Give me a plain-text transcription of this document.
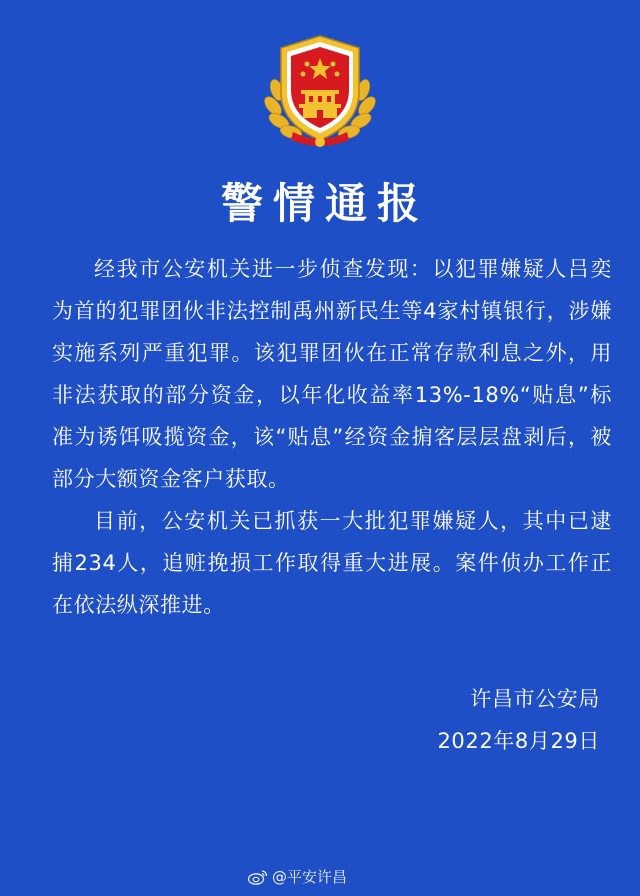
警情通报

经我市公安机关进一步侦查发现：以犯罪嫌疑人吕奕为首的犯罪团伙非法控制禹州新民生等4家村镇银行，涉嫌实施系列严重犯罪。该犯罪团伙在正常存款利息之外，用非法获取的部分资金，以年化收益率13%-18%“贴息”标准为诱饵吸揽资金，该“贴息”经资金掮客层层盘剥后，被部分大额资金客户获取。

目前，公安机关已抓获一大批犯罪嫌疑人，其中已逮捕234人，追赃挽损工作取得重大进展。案件侦办工作正在依法纵深推进。

许昌市公安局
2022年8月29日
@平安许昌
